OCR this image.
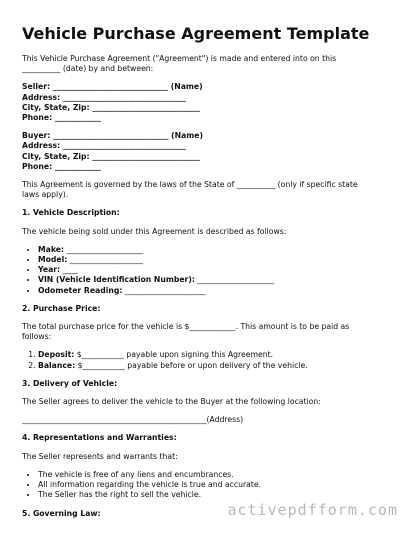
Vehicle Purchase Agreement Template

This Vehicle Purchase Agreement ("Agreement") is made and entered into on this

__________ (date) by and between:

Seller: ______________________________ (Name)

Address: ________________________________

City, State, Zip: ____________________________

Phone: ____________

Buyer: ______________________________ (Name)

Address: ________________________________

City, State, Zip: ____________________________

Phone: ____________

This Agreement is governed by the laws of the State of __________ (only if specific state

laws apply).

1. Vehicle Description:

The vehicle being sold under this Agreement is described as follows:

• Make: ____________________
• Model: ___________________
• Year: ____
• VIN (Vehicle Identification Number): ____________________
• Odometer Reading: _____________________

2. Purchase Price:

The total purchase price for the vehicle is $____________. This amount is to be paid as

follows:

1. Deposit: $___________ payable upon signing this Agreement.
2. Balance: $___________ payable before or upon delivery of the vehicle.

3. Delivery of Vehicle:

The Seller agrees to deliver the vehicle to the Buyer at the following location:

________________________________________________(Address)

4. Representations and Warranties:

The Seller represents and warrants that:

• The vehicle is free of any liens and encumbrances.
• All information regarding the vehicle is true and accurate.
• The Seller has the right to sell the vehicle.

5. Governing Law:	activepdfform.com
